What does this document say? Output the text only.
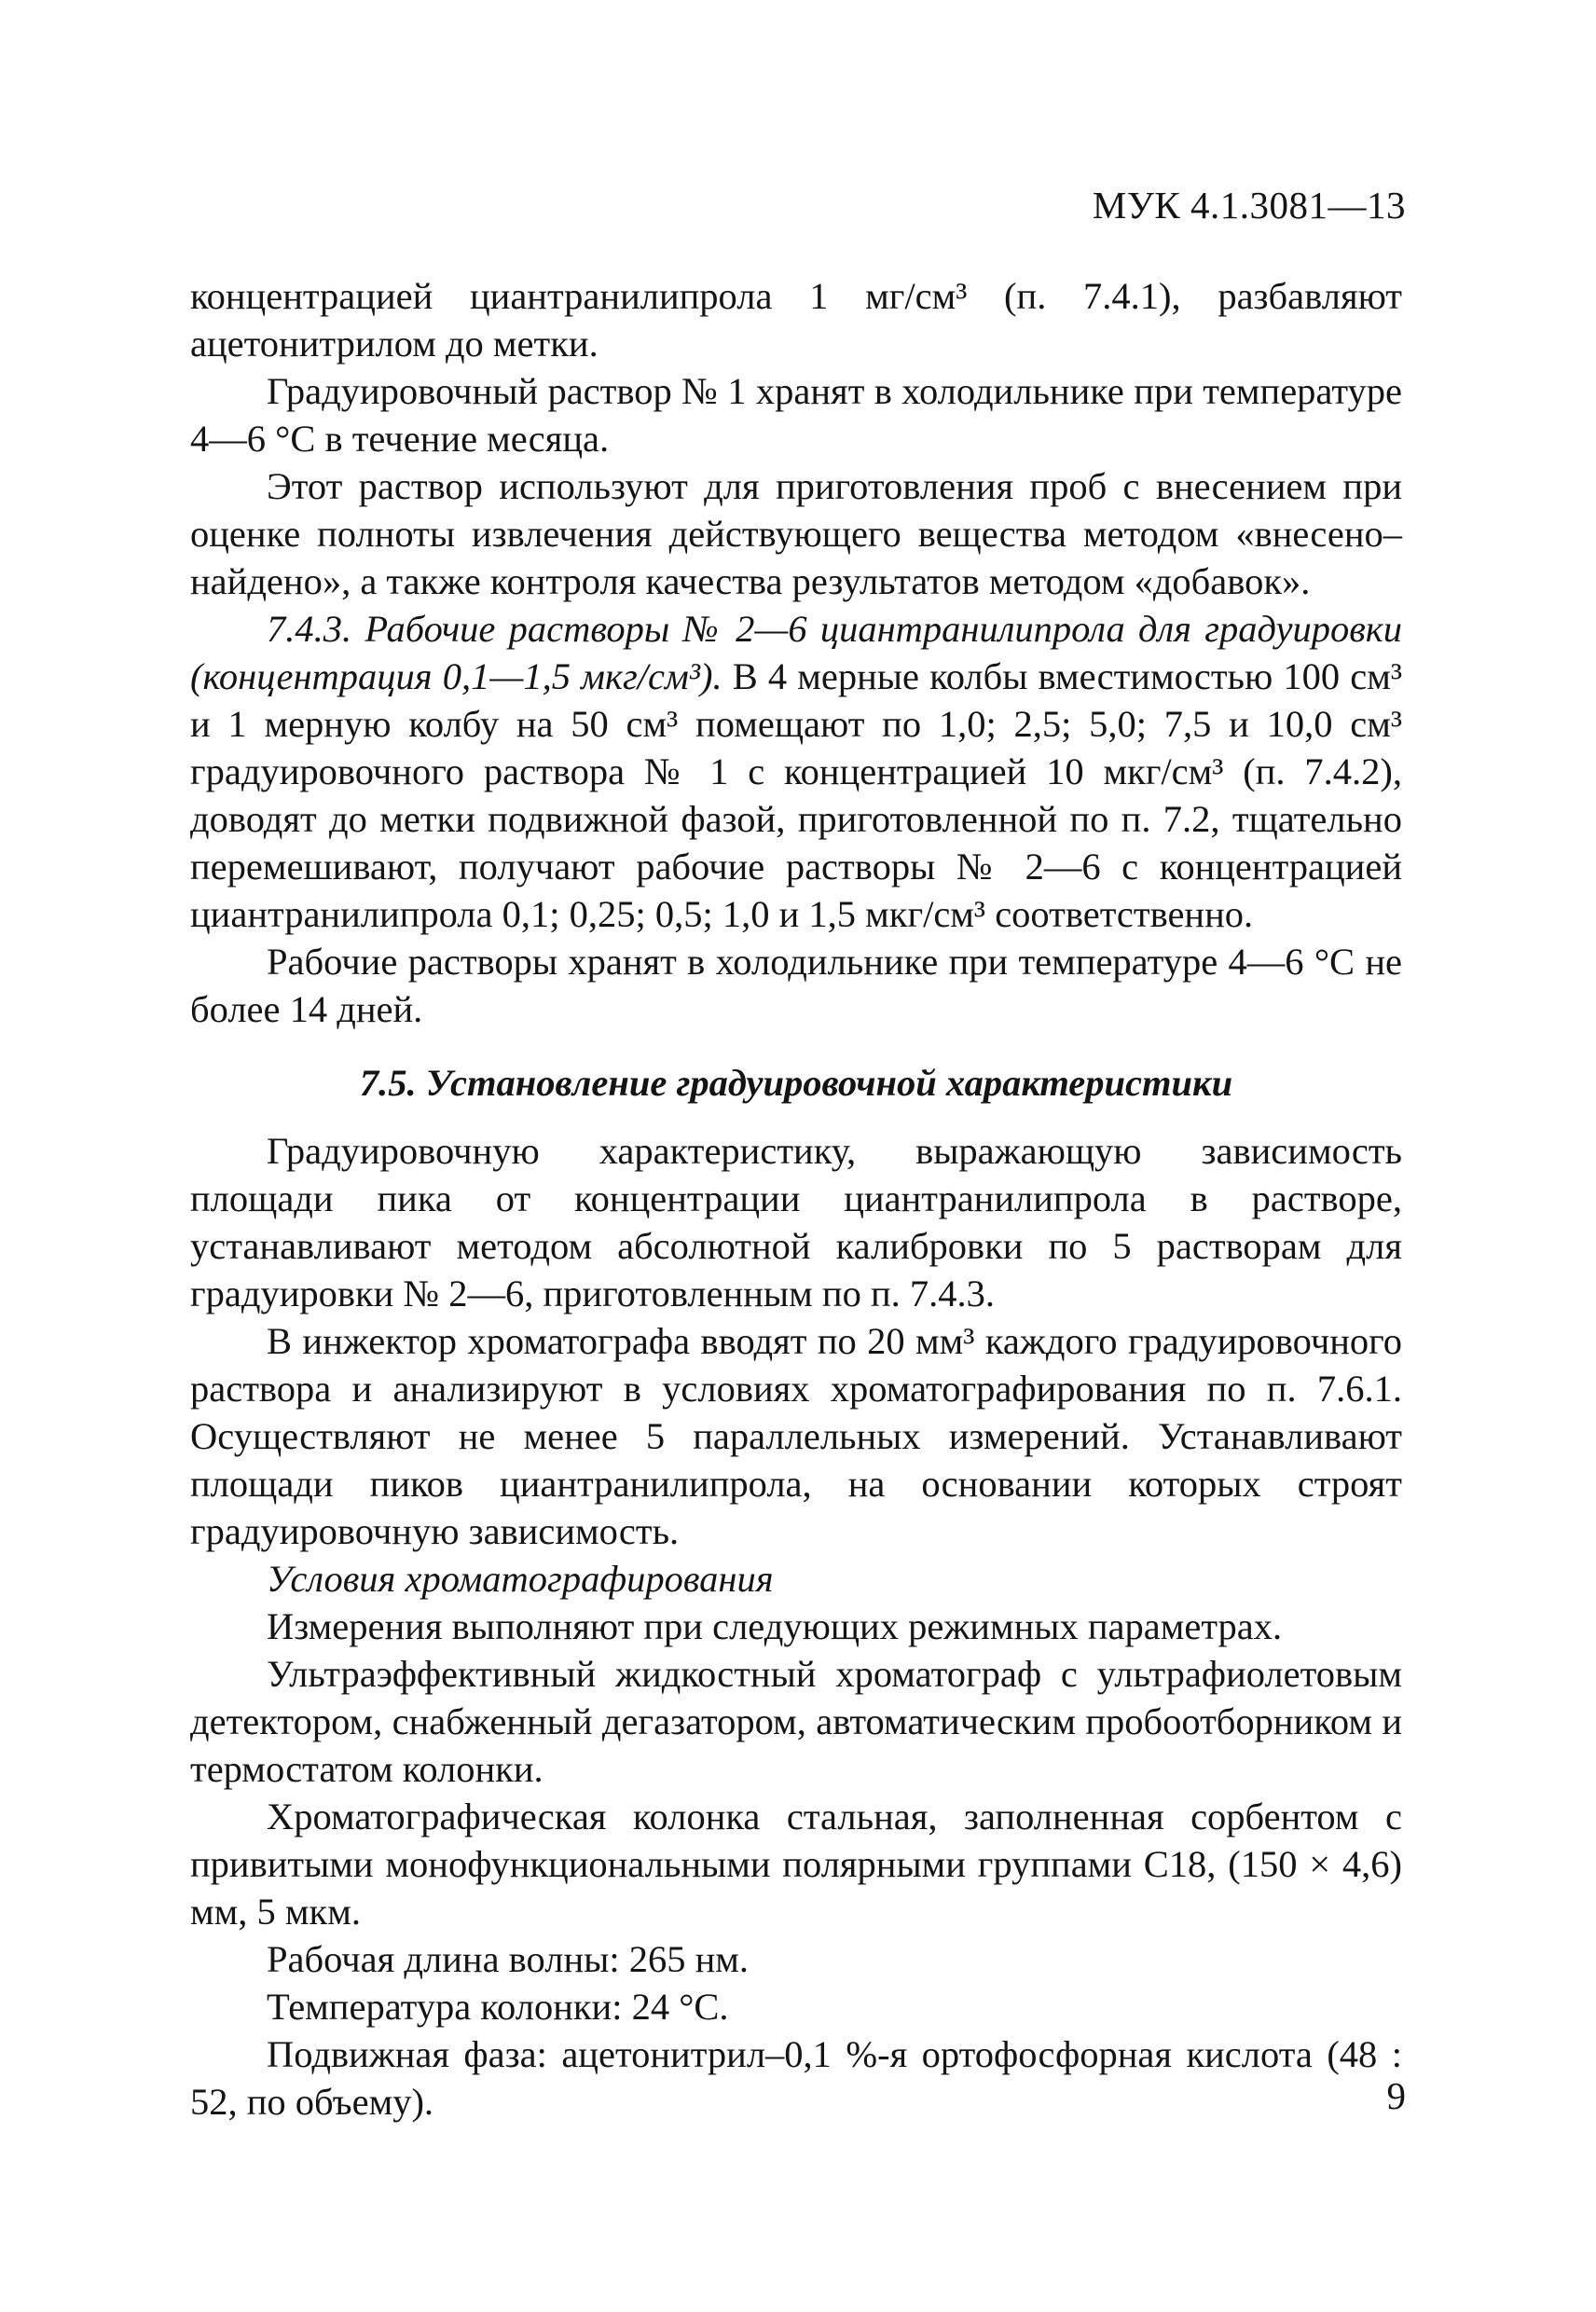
МУК 4.1.3081—13

концентрацией циантранилипрола 1 мг/см³ (п. 7.4.1), разбавляют ацетонитрилом до метки.

Градуировочный раствор № 1 хранят в холодильнике при температуре 4—6 °С в течение месяца.

Этот раствор используют для приготовления проб с внесением при оценке полноты извлечения действующего вещества методом «внесено–найдено», а также контроля качества результатов методом «добавок».

7.4.3. Рабочие растворы № 2—6 циантранилипрола для градуировки (концентрация 0,1—1,5 мкг/см³). В 4 мерные колбы вместимостью 100 см³ и 1 мерную колбу на 50 см³ помещают по 1,0; 2,5; 5,0; 7,5 и 10,0 см³ градуировочного раствора № 1 с концентрацией 10 мкг/см³ (п. 7.4.2), доводят до метки подвижной фазой, приготовленной по п. 7.2, тщательно перемешивают, получают рабочие растворы № 2—6 с концентрацией циантранилипрола 0,1; 0,25; 0,5; 1,0 и 1,5 мкг/см³ соответственно.

Рабочие растворы хранят в холодильнике при температуре 4—6 °С не более 14 дней.

7.5. Установление градуировочной характеристики

Градуировочную характеристику, выражающую зависимость площади пика от концентрации циантранилипрола в растворе, устанавливают методом абсолютной калибровки по 5 растворам для градуировки № 2—6, приготовленным по п. 7.4.3.

В инжектор хроматографа вводят по 20 мм³ каждого градуировочного раствора и анализируют в условиях хроматографирования по п. 7.6.1. Осуществляют не менее 5 параллельных измерений. Устанавливают площади пиков циантранилипрола, на основании которых строят градуировочную зависимость.

Условия хроматографирования

Измерения выполняют при следующих режимных параметрах.

Ультраэффективный жидкостный хроматограф с ультрафиолетовым детектором, снабженный дегазатором, автоматическим пробоотборником и термостатом колонки.

Хроматографическая колонка стальная, заполненная сорбентом с привитыми монофункциональными полярными группами С18, (150 × 4,6) мм, 5 мкм.

Рабочая длина волны: 265 нм.

Температура колонки: 24 °С.

Подвижная фаза: ацетонитрил–0,1 %-я ортофосфорная кислота (48 : 52, по объему).	9
